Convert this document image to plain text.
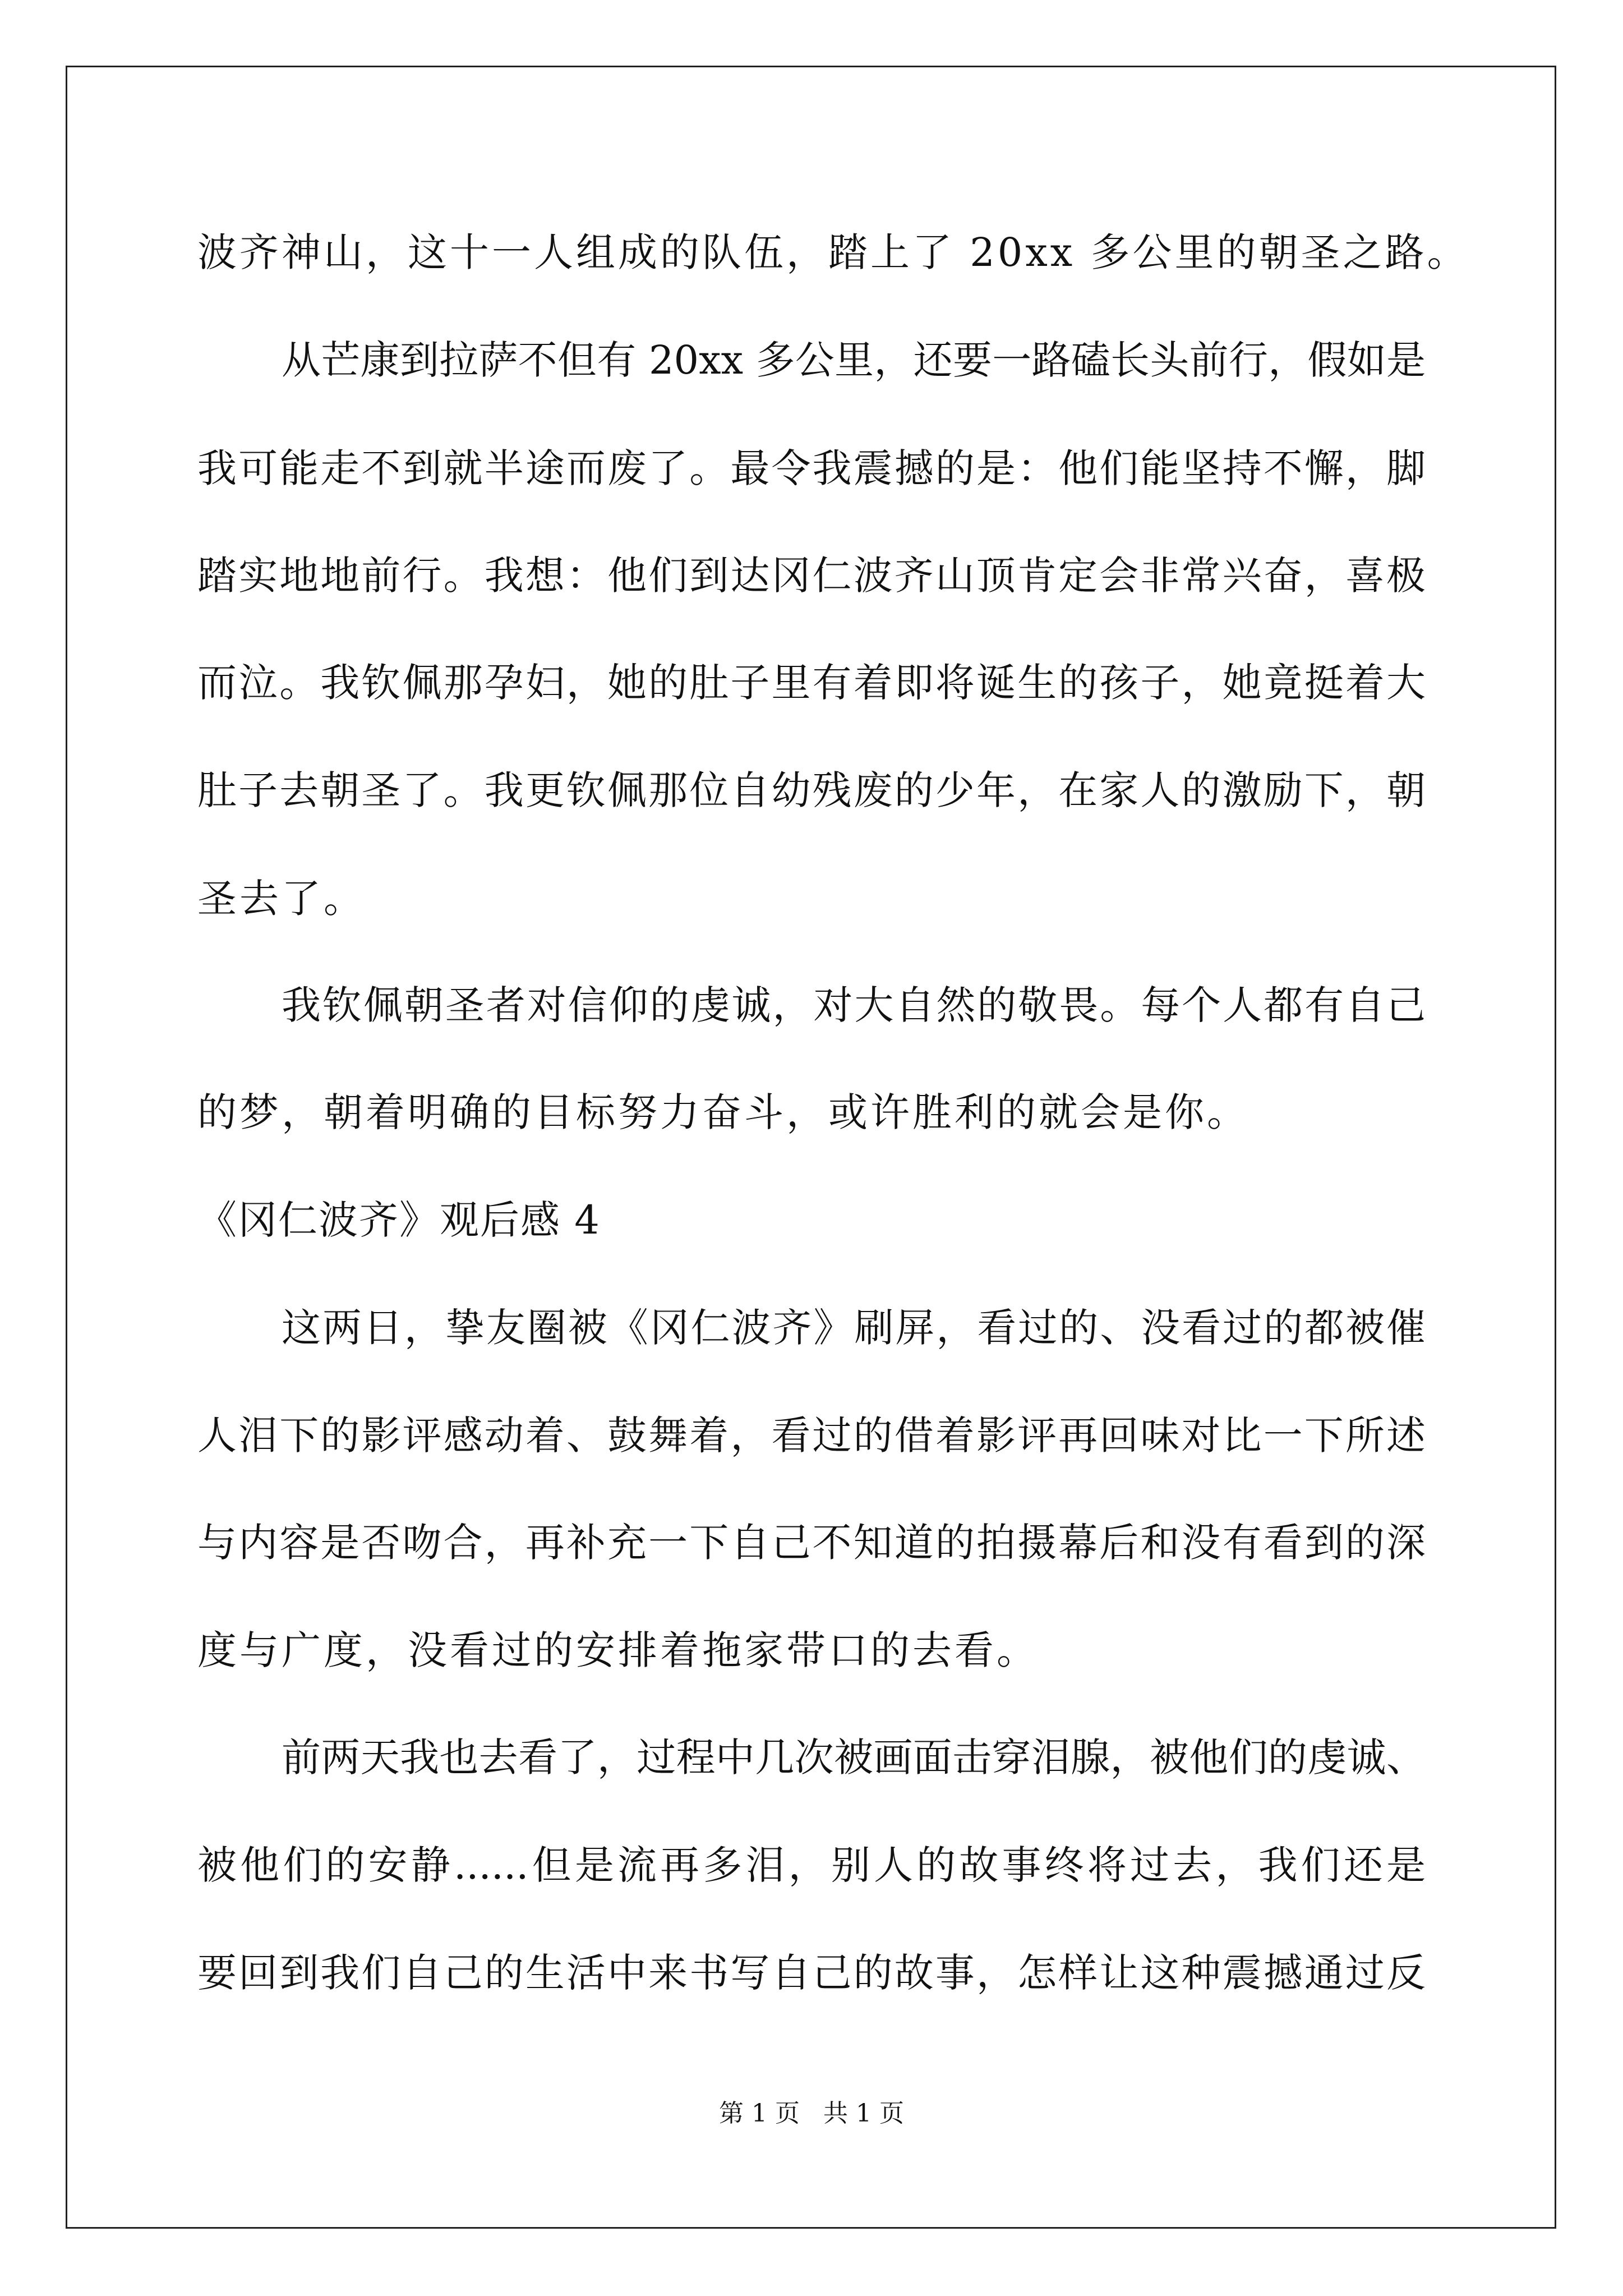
波齐神山，这十一人组成的队伍，踏上了 20xx 多公里的朝圣之路。
从芒康到拉萨不但有 20xx 多公里，还要一路磕长头前行，假如是
我可能走不到就半途而废了。最令我震撼的是：他们能坚持不懈，脚
踏实地地前行。我想：他们到达冈仁波齐山顶肯定会非常兴奋，喜极
而泣。我钦佩那孕妇，她的肚子里有着即将诞生的孩子，她竟挺着大
肚子去朝圣了。我更钦佩那位自幼残废的少年，在家人的激励下，朝
圣去了。
我钦佩朝圣者对信仰的虔诚，对大自然的敬畏。每个人都有自己
的梦，朝着明确的目标努力奋斗，或许胜利的就会是你。
《冈仁波齐》观后感 4
这两日，挚友圈被《冈仁波齐》刷屏，看过的、没看过的都被催
人泪下的影评感动着、鼓舞着，看过的借着影评再回味对比一下所述
与内容是否吻合，再补充一下自己不知道的拍摄幕后和没有看到的深
度与广度，没看过的安排着拖家带口的去看。
前两天我也去看了，过程中几次被画面击穿泪腺，被他们的虔诚、
被他们的安静......但是流再多泪，别人的故事终将过去，我们还是
要回到我们自己的生活中来书写自己的故事，怎样让这种震撼通过反
第 1 页   共 1 页
